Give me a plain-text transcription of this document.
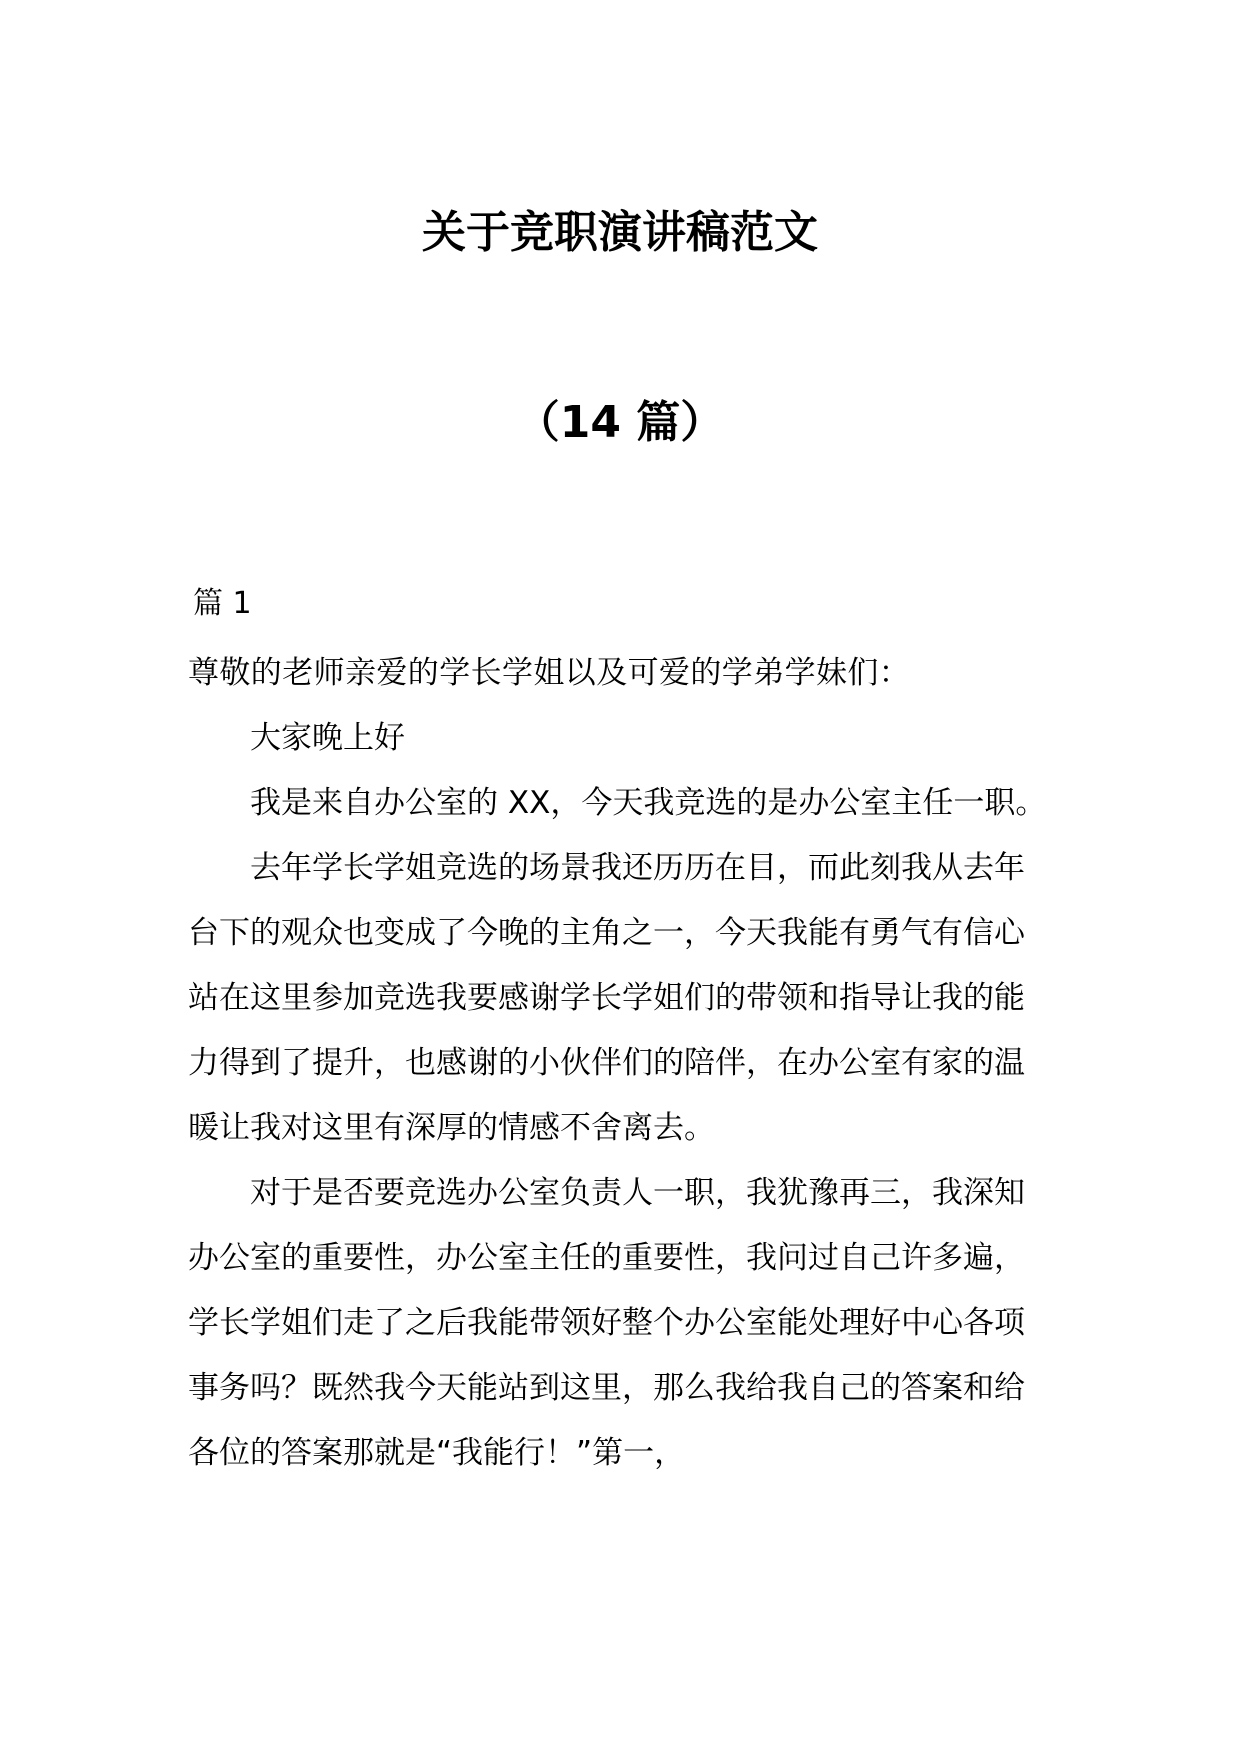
关于竞职演讲稿范文
（14 篇）
篇 1

尊敬的老师亲爱的学长学姐以及可爱的学弟学妹们：

大家晚上好

我是来自办公室的 XX，今天我竞选的是办公室主任一职。

去年学长学姐竞选的场景我还历历在目，而此刻我从去年台下的观众也变成了今晚的主角之一，今天我能有勇气有信心站在这里参加竞选我要感谢学长学姐们的带领和指导让我的能力得到了提升，也感谢的小伙伴们的陪伴，在办公室有家的温暖让我对这里有深厚的情感不舍离去。

对于是否要竞选办公室负责人一职，我犹豫再三，我深知办公室的重要性，办公室主任的重要性，我问过自己许多遍，学长学姐们走了之后我能带领好整个办公室能处理好中心各项事务吗？既然我今天能站到这里，那么我给我自己的答案和给各位的答案那就是“我能行！”第一，
